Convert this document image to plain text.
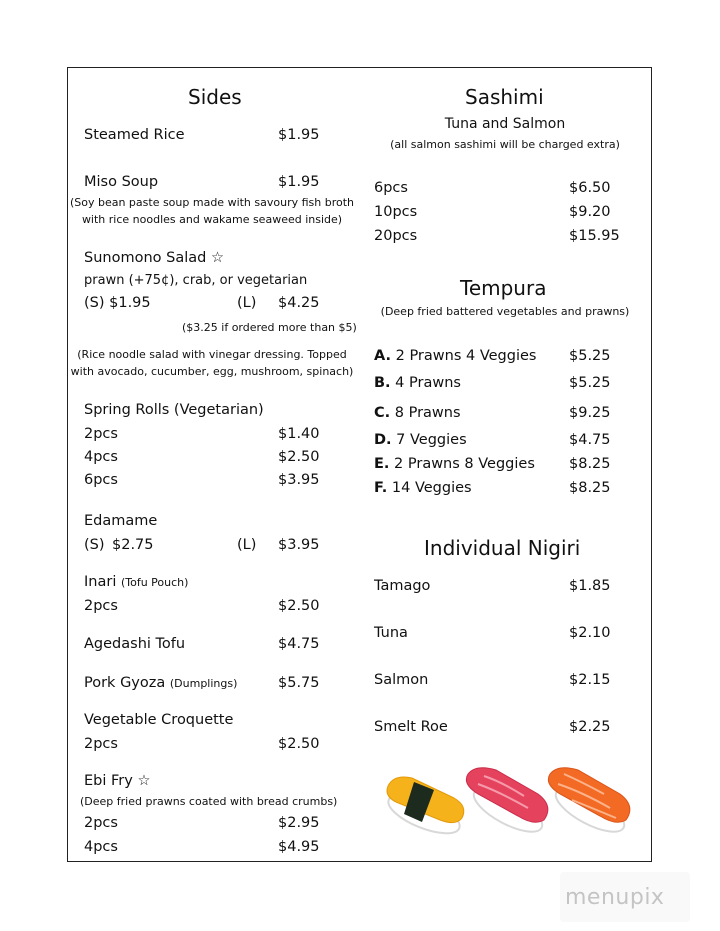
Sides
Steamed Rice	$1.95
Miso Soup	$1.95
(Soy bean paste soup made with savoury fish broth
with rice noodles and wakame seaweed inside)
Sunomono Salad ☆
prawn (+75¢), crab, or vegetarian
(S) $1.95	(L) $4.25
($3.25 if ordered more than $5)
(Rice noodle salad with vinegar dressing. Topped
with avocado, cucumber, egg, mushroom, spinach)
Spring Rolls (Vegetarian)
2pcs	$1.40
4pcs	$2.50
6pcs	$3.95
Edamame
(S) $2.75	(L) $3.95
Inari (Tofu Pouch)
2pcs	$2.50
Agedashi Tofu	$4.75
Pork Gyoza (Dumplings)	$5.75
Vegetable Croquette
2pcs	$2.50
Ebi Fry ☆
(Deep fried prawns coated with bread crumbs)
2pcs	$2.95
4pcs	$4.95
Sashimi
Tuna and Salmon
(all salmon sashimi will be charged extra)
6pcs	$6.50
10pcs	$9.20
20pcs	$15.95
Tempura
(Deep fried battered vegetables and prawns)
A. 2 Prawns 4 Veggies $5.25
B. 4 Prawns	$5.25
C. 8 Prawns	$9.25
D. 7 Veggies	$4.75
E. 2 Prawns 8 Veggies $8.25
F. 14 Veggies	$8.25
Individual Nigiri
Tamago	$1.85
Tuna	$2.10
Salmon	$2.15
Smelt Roe	$2.25
menupix
